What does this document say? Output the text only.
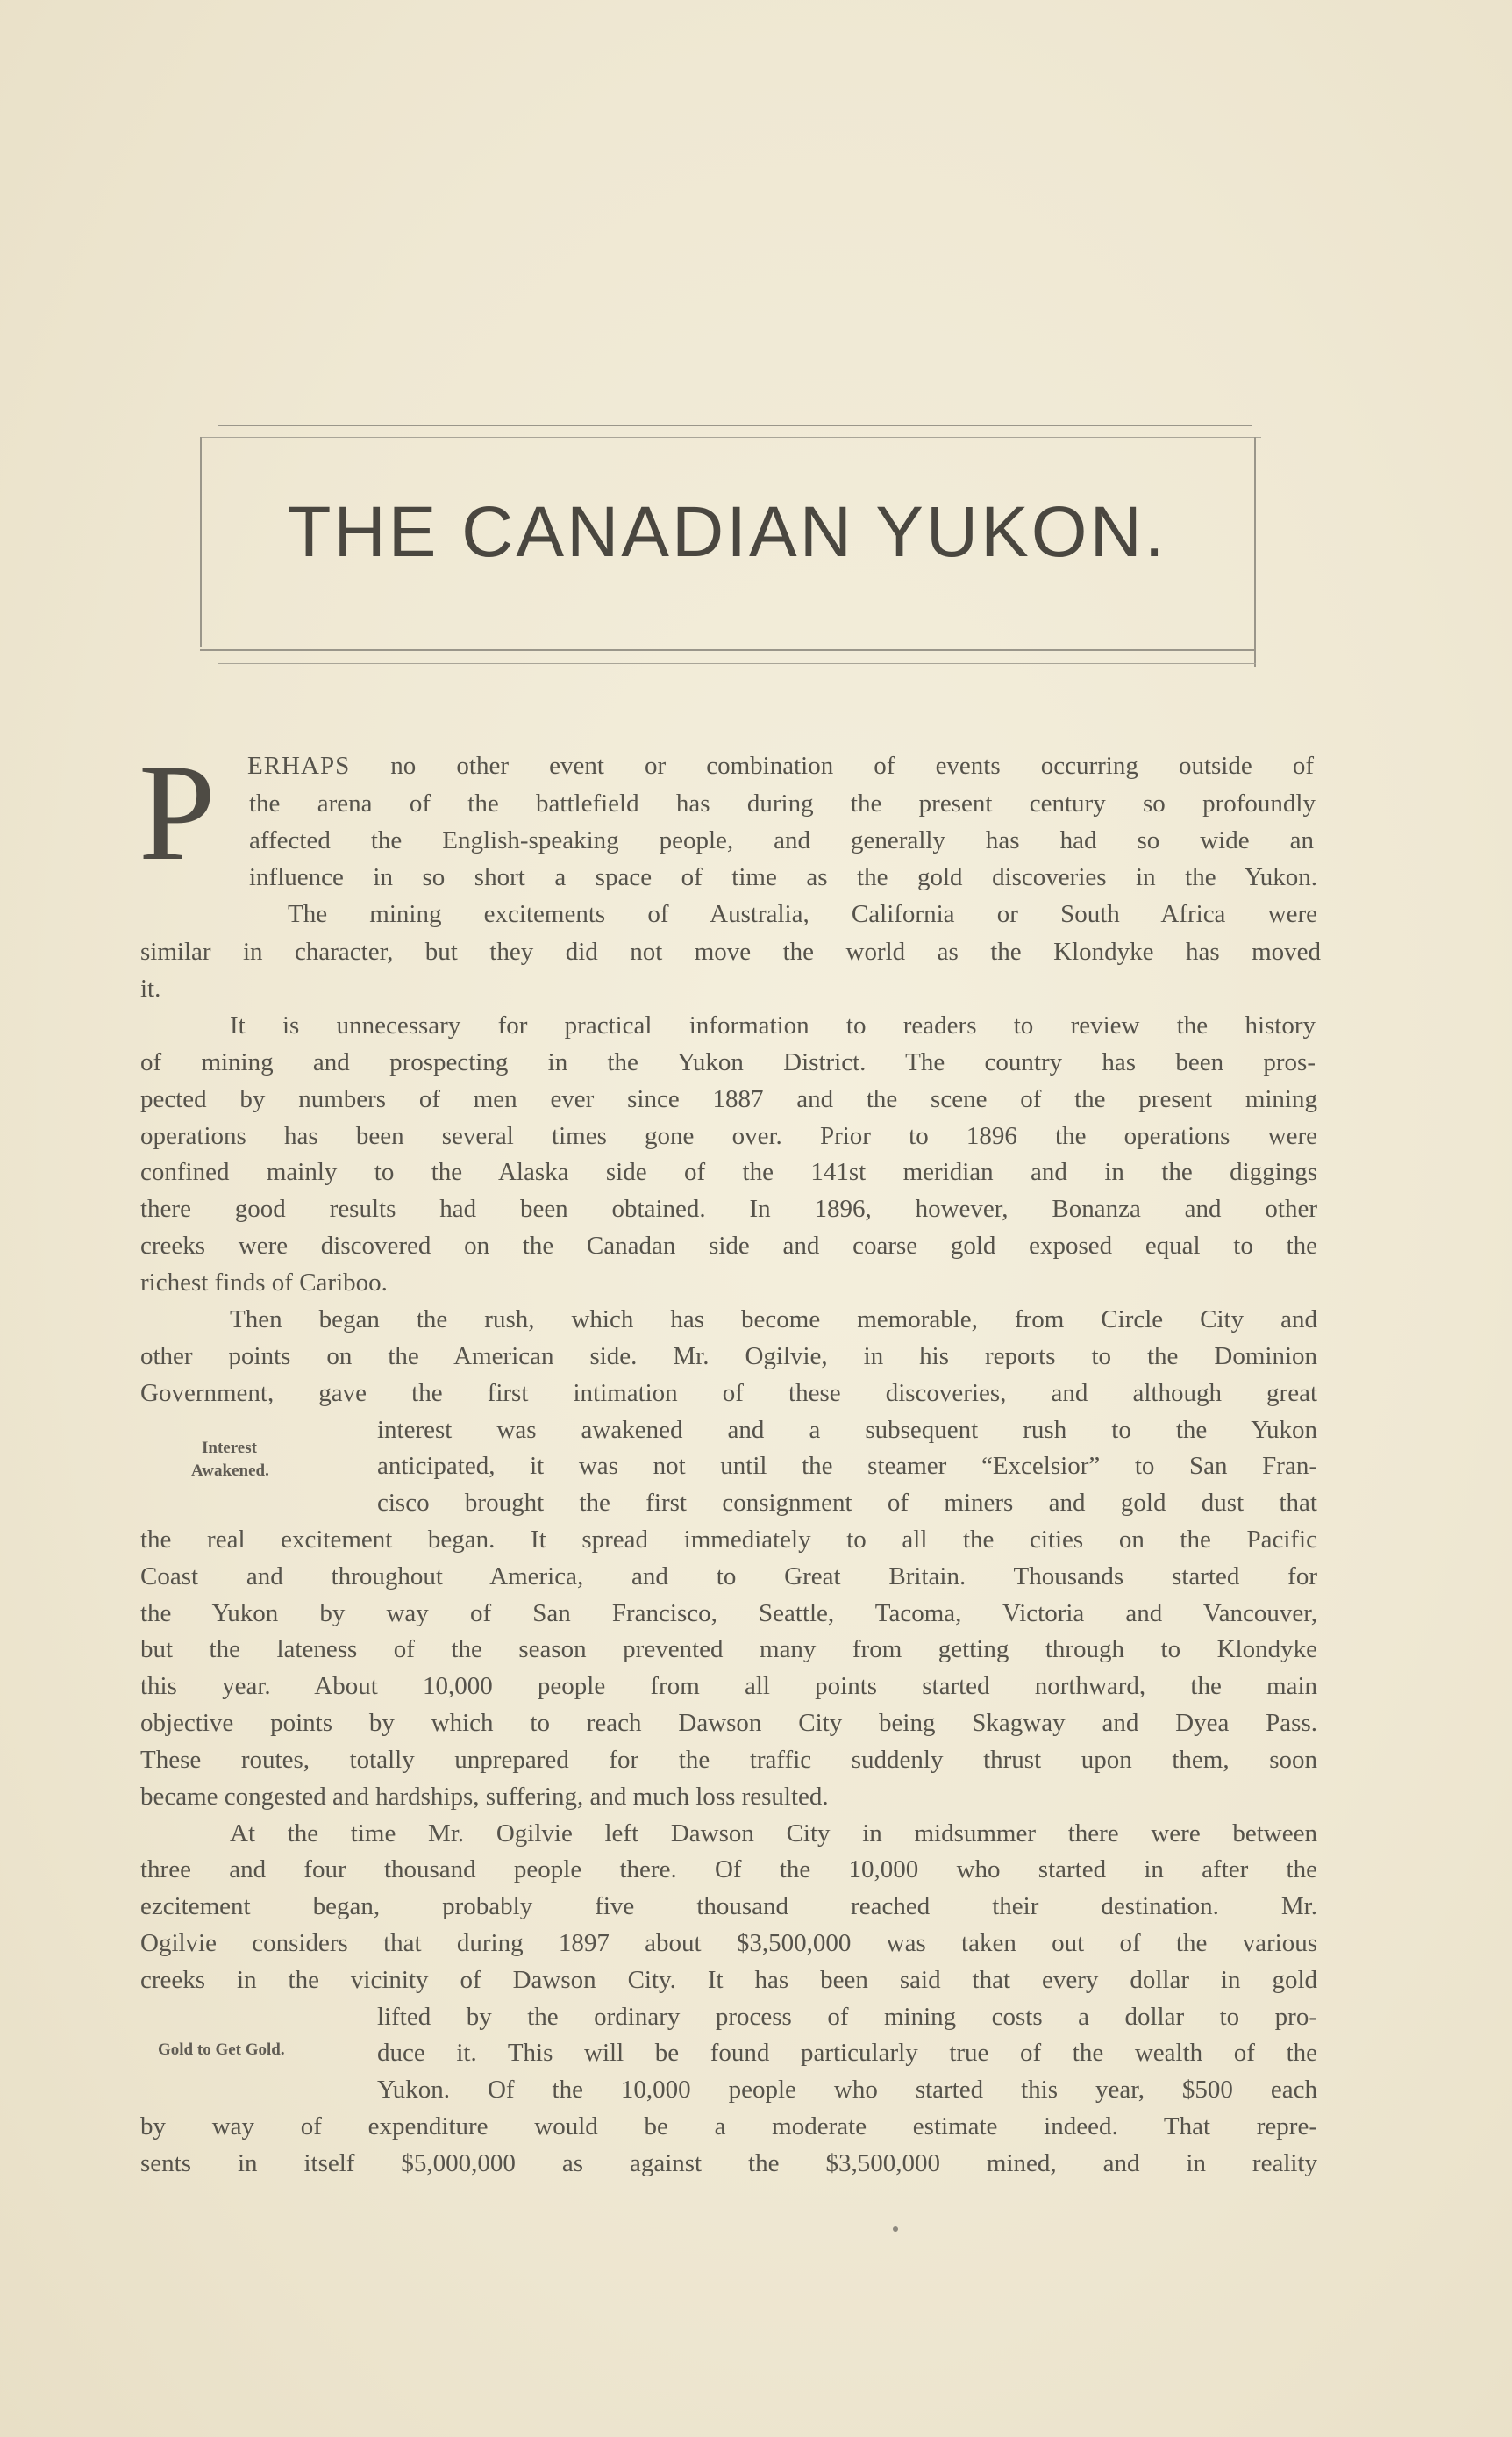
THE CANADIAN YUKON.
P ERHAPS no other event or combination of events occurring outside of
the arena of the battlefield has during the present century so profoundly
affected the English-speaking people, and generally has had so wide an
influence in so short a space of time as the gold discoveries in the Yukon.
The mining excitements of Australia, California or South Africa were
similar in character, but they did not move the world as the Klondyke has moved
it.
It is unnecessary for practical information to readers to review the history
of mining and prospecting in the Yukon District. The country has been pros-
pected by numbers of men ever since 1887 and the scene of the present mining
operations has been several times gone over. Prior to 1896 the operations were
confined mainly to the Alaska side of the 141st meridian and in the diggings
there good results had been obtained. In 1896, however, Bonanza and other
creeks were discovered on the Canadan side and coarse gold exposed equal to the
richest finds of Cariboo.
Then began the rush, which has become memorable, from Circle City and
other points on the American side. Mr. Ogilvie, in his reports to the Dominion
Government, gave the first intimation of these discoveries, and although great
Interest
Awakened.
interest was awakened and a subsequent rush to the Yukon
anticipated, it was not until the steamer “Excelsior” to San Fran-
cisco brought the first consignment of miners and gold dust that
the real excitement began. It spread immediately to all the cities on the Pacific
Coast and throughout America, and to Great Britain. Thousands started for
the Yukon by way of San Francisco, Seattle, Tacoma, Victoria and Vancouver,
but the lateness of the season prevented many from getting through to Klondyke
this year. About 10,000 people from all points started northward, the main
objective points by which to reach Dawson City being Skagway and Dyea Pass.
These routes, totally unprepared for the traffic suddenly thrust upon them, soon
became congested and hardships, suffering, and much loss resulted.
At the time Mr. Ogilvie left Dawson City in midsummer there were between
three and four thousand people there. Of the 10,000 who started in after the
ezcitement began, probably five thousand reached their destination. Mr.
Ogilvie considers that during 1897 about $3,500,000 was taken out of the various
creeks in the vicinity of Dawson City. It has been said that every dollar in gold
Gold to Get Gold.
lifted by the ordinary process of mining costs a dollar to pro-
duce it. This will be found particularly true of the wealth of the
Yukon. Of the 10,000 people who started this year, $500 each
by way of expenditure would be a moderate estimate indeed. That repre-
sents in itself $5,000,000 as against the $3,500,000 mined, and in reality
